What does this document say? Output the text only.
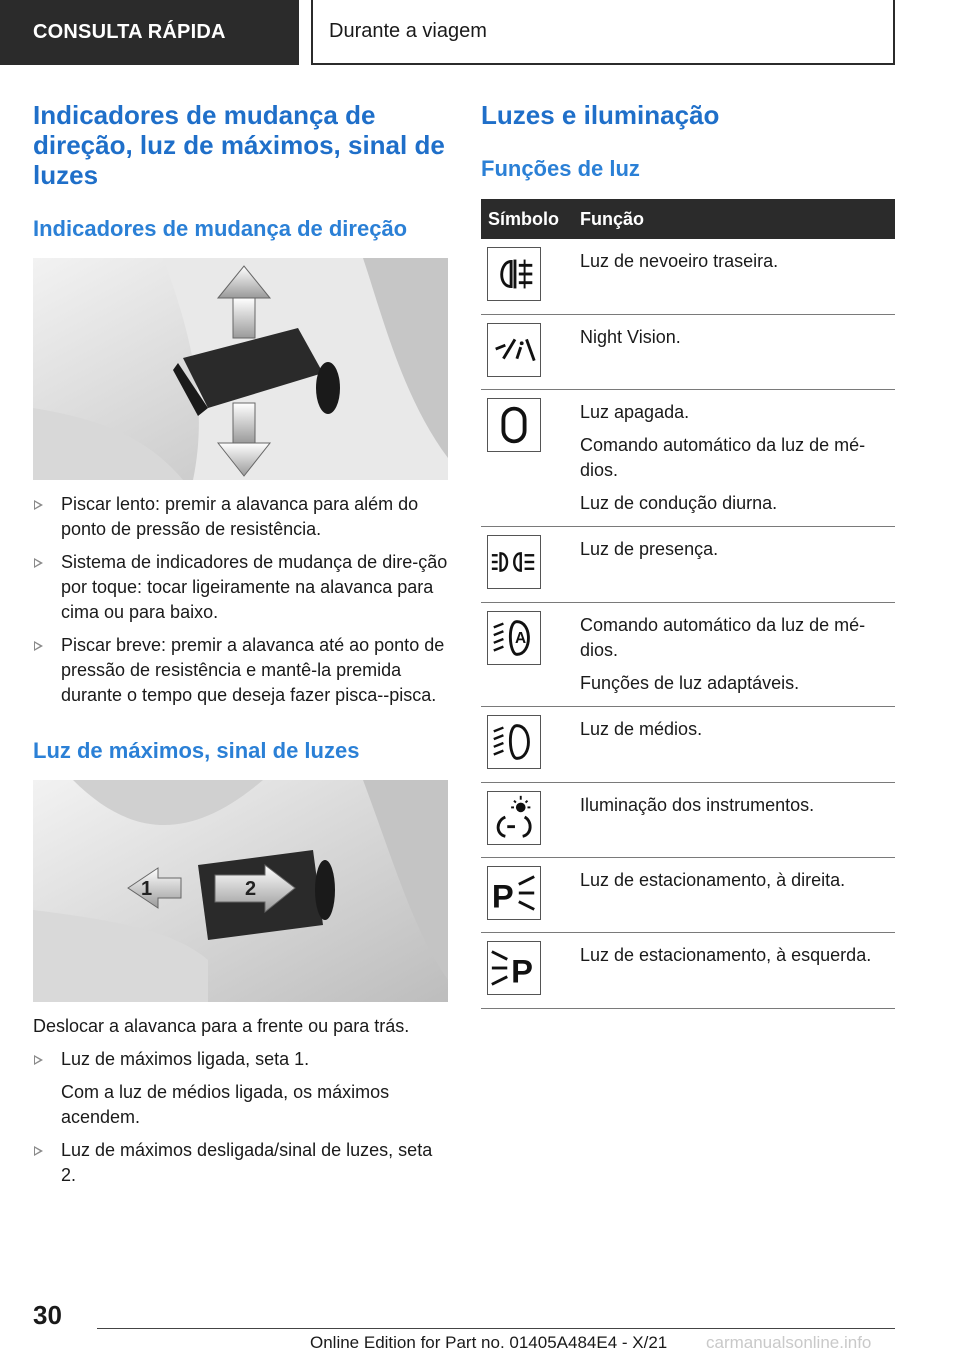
CONSULTA RÁPIDA	Durante a viagem
Indicadores de mudança de direção, luz de máximos, sinal de luzes
Indicadores de mudança de direção
Piscar lento: premir a alavanca para além do ponto de pressão de resistência.
Sistema de indicadores de mudança de dire-ção por toque: tocar ligeiramente na alavanca para cima ou para baixo.
Piscar breve: premir a alavanca até ao ponto de pressão de resistência e mantê-la premida durante o tempo que deseja fazer pisca--pisca.
Luz de máximos, sinal de luzes
1	2

Deslocar a alavanca para a frente ou para trás.

Luz de máximos ligada, seta 1.

Com a luz de médios ligada, os máximos acendem.

Luz de máximos desligada/sinal de luzes, seta 2.
Luzes e iluminação
Funções de luz
Símbolo	Função

Luz de nevoeiro traseira.

Night Vision.

Luz apagada.
Comando automático da luz de mé-dios.
Luz de condução diurna.

Luz de presença.

A	Comando automático da luz de mé-dios.
Funções de luz adaptáveis.

Luz de médios.

Iluminação dos instrumentos.

P	Luz de estacionamento, à direita.

P	Luz de estacionamento, à esquerda.
30
Online Edition for Part no. 01405A484E4 - X/21 carmanualsonline.info
